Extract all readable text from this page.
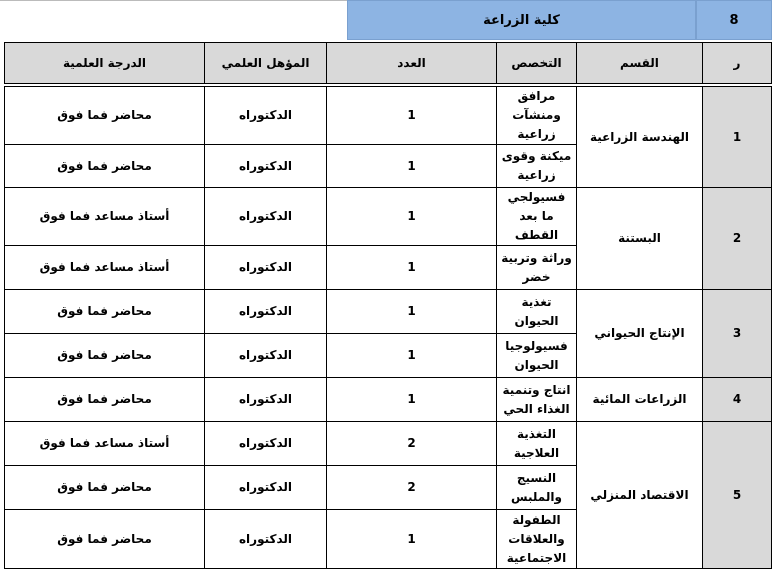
كلية الزراعة	8
ر	القسم	التخصص	العدد	المؤهل العلمي	الدرجة العلمية

1	الهندسة الزراعية	مرافق ومنشآت زراعية	1	الدكتوراه	محاضر فما فوق
		ميكنة وقوى زراعية	1	الدكتوراه	محاضر فما فوق
2	البستنة	فسيولجي ما بعد القطف	1	الدكتوراه	أستاذ مساعد فما فوق
		وراثة وتربية خضر	1	الدكتوراه	أستاذ مساعد فما فوق
3	الإنتاج الحيواني	تغذية الحيوان	1	الدكتوراه	محاضر فما فوق
		فسيولوجيا الحيوان	1	الدكتوراه	محاضر فما فوق
4	الزراعات المائية	انتاج وتنمية الغذاء الحي	1	الدكتوراه	محاضر فما فوق
5	الاقتصاد المنزلي	التغذية العلاجية	2	الدكتوراه	أستاذ مساعد فما فوق
		النسيج والملبس	2	الدكتوراه	محاضر فما فوق
		الطفولة والعلاقات الاجتماعية	1	الدكتوراه	محاضر فما فوق
